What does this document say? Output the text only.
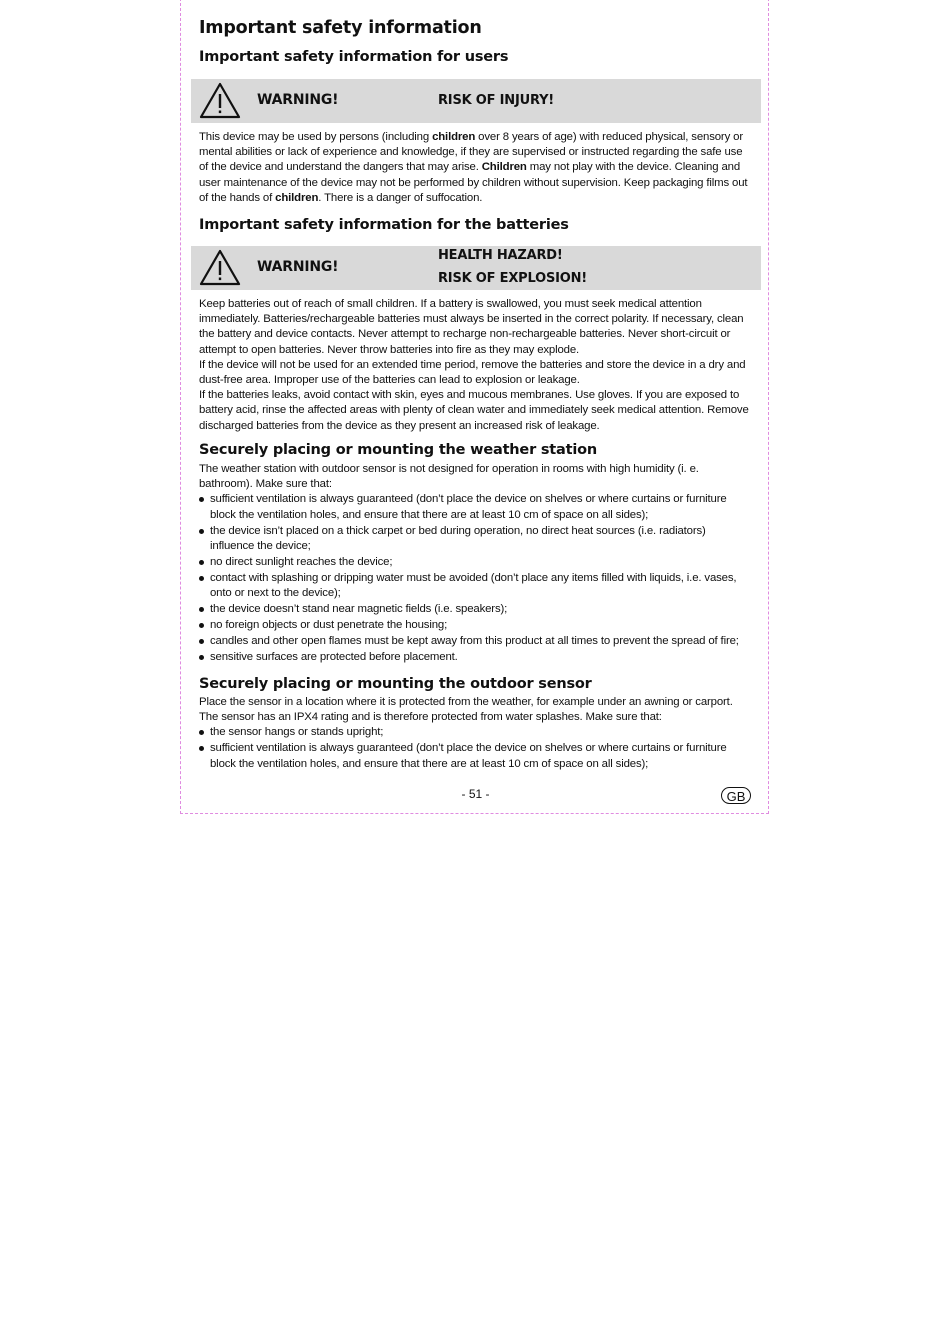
Important safety information
Important safety information for users
WARNING!	RISK OF INJURY!

This device may be used by persons (including children over 8 years of age) with reduced physical, sensory or mental abilities or lack of experience and knowledge, if they are supervised or instructed regarding the safe use of the device and understand the dangers that may arise. Children may not play with the device. Cleaning and user maintenance of the device may not be performed by children without supervision. Keep packaging films out of the hands of children. There is a danger of suffocation.

Important safety information for the batteries
WARNING!
HEALTH HAZARD!
RISK OF EXPLOSION!

Keep batteries out of reach of small children. If a battery is swallowed, you must seek medical attention immediately. Batteries/rechargeable batteries must always be inserted in the correct polarity. If necessary, clean the battery and device contacts. Never attempt to recharge non-rechargeable batteries. Never short-circuit or attempt to open batteries. Never throw batteries into fire as they may explode.

If the device will not be used for an extended time period, remove the batteries and store the device in a dry and dust-free area. Improper use of the batteries can lead to explosion or leakage.

If the batteries leaks, avoid contact with skin, eyes and mucous membranes. Use gloves. If you are exposed to battery acid, rinse the affected areas with plenty of clean water and immediately seek medical attention. Remove discharged batteries from the device as they present an increased risk of leakage.

Securely placing or mounting the weather station

The weather station with outdoor sensor is not designed for operation in rooms with high humidity (i. e. bathroom). Make sure that:

sufficient ventilation is always guaranteed (don’t place the device on shelves or where curtains or furniture block the ventilation holes, and ensure that there are at least 10 cm of space on all sides);
the device isn’t placed on a thick carpet or bed during operation, no direct heat sources (i.e. radiators) influence the device;
no direct sunlight reaches the device;
contact with splashing or dripping water must be avoided (don’t place any items filled with liquids, i.e. vases, onto or next to the device);
the device doesn’t stand near magnetic fields (i.e. speakers);
no foreign objects or dust penetrate the housing;
candles and other open flames must be kept away from this product at all times to prevent the spread of fire;
sensitive surfaces are protected before placement.
Securely placing or mounting the outdoor sensor

Place the sensor in a location where it is protected from the weather, for example under an awning or carport. The sensor has an IPX4 rating and is therefore protected from water splashes. Make sure that:

the sensor hangs or stands upright;
sufficient ventilation is always guaranteed (don’t place the device on shelves or where curtains or furniture block the ventilation holes, and ensure that there are at least 10 cm of space on all sides);
- 51 -	GB
